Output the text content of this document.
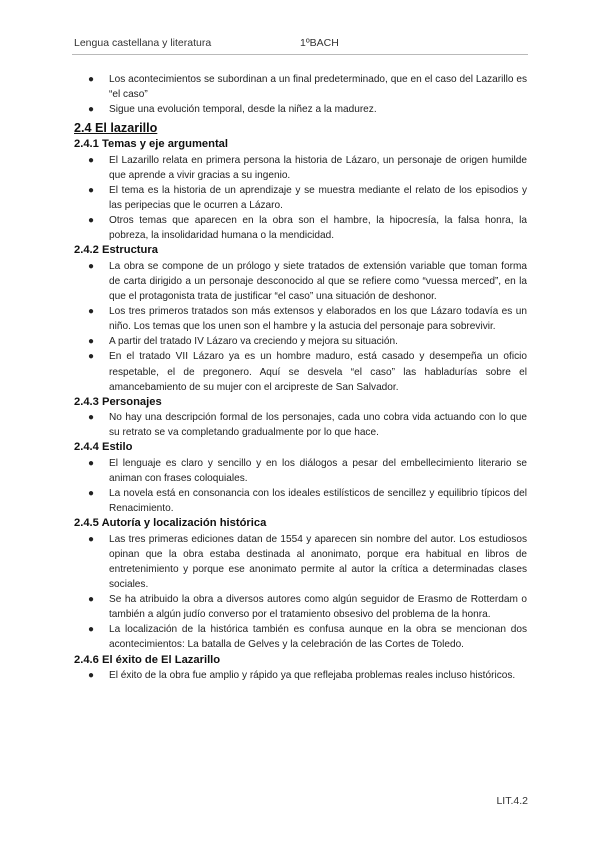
Lengua castellana y literatura	1ºBACH
● Los acontecimientos se subordinan a un final predeterminado, que en el caso del Lazarillo es “el caso”
● Sigue una evolución temporal, desde la niñez a la madurez.
2.4 El lazarillo
2.4.1 Temas y eje argumental
● El Lazarillo relata en primera persona la historia de Lázaro, un personaje de origen humilde que aprende a vivir gracias a su ingenio.
● El tema es la historia de un aprendizaje y se muestra mediante el relato de los episodios y las peripecias que le ocurren a Lázaro.
● Otros temas que aparecen en la obra son el hambre, la hipocresía, la falsa honra, la pobreza, la insolidaridad humana o la mendicidad.
2.4.2 Estructura
● La obra se compone de un prólogo y siete tratados de extensión variable que toman forma de carta dirigido a un personaje desconocido al que se refiere como “vuessa merced”, en la que el protagonista trata de justificar “el caso” una situación de deshonor.
● Los tres primeros tratados son más extensos y elaborados en los que Lázaro todavía es un niño. Los temas que los unen son el hambre y la astucia del personaje para sobrevivir.
● A partir del tratado IV Lázaro va creciendo y mejora su situación.
● En el tratado VII Lázaro ya es un hombre maduro, está casado y desempeña un oficio respetable, el de pregonero. Aquí se desvela “el caso” las habladurías sobre el amancebamiento de su mujer con el arcipreste de San Salvador.
2.4.3 Personajes
● No hay una descripción formal de los personajes, cada uno cobra vida actuando con lo que su retrato se va completando gradualmente por lo que hace.
2.4.4 Estilo
● El lenguaje es claro y sencillo y en los diálogos a pesar del embellecimiento literario se animan con frases coloquiales.
● La novela está en consonancia con los ideales estilísticos de sencillez y equilibrio típicos del Renacimiento.
2.4.5 Autoría y localización histórica
● Las tres primeras ediciones datan de 1554 y aparecen sin nombre del autor. Los estudiosos opinan que la obra estaba destinada al anonimato, porque era habitual en libros de entretenimiento y porque ese anonimato permite al autor la crítica a determinadas clases sociales.
● Se ha atribuido la obra a diversos autores como algún seguidor de Erasmo de Rotterdam o también a algún judío converso por el tratamiento obsesivo del problema de la honra.
● La localización de la histórica también es confusa aunque en la obra se mencionan dos acontecimientos: La batalla de Gelves y la celebración de las Cortes de Toledo.
2.4.6 El éxito de El Lazarillo
● El éxito de la obra fue amplio y rápido ya que reflejaba problemas reales incluso históricos.
LIT.4.2
